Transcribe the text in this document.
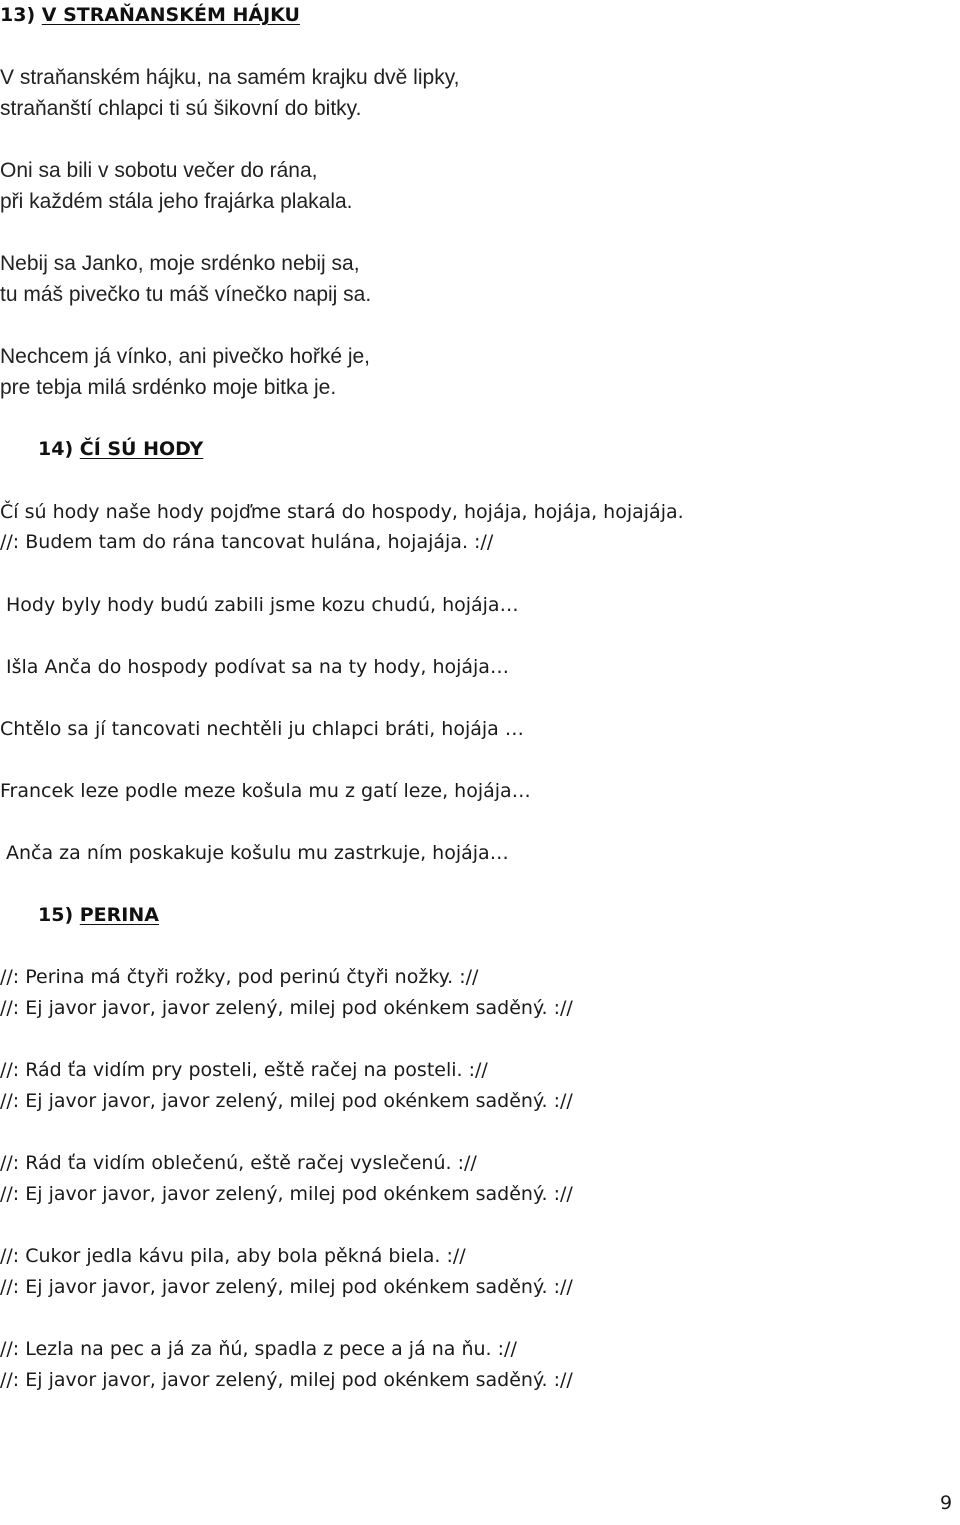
13) V STRAŇANSKÉM HÁJKU
V straňanském hájku, na samém krajku dvě lipky,
straňanští chlapci ti sú šikovní do bitky.
Oni sa bili v sobotu večer do rána,
při každém stála jeho frajárka plakala.
Nebij sa Janko, moje srdénko nebij sa,
tu máš pivečko tu máš vínečko napij sa.
Nechcem já vínko, ani pivečko hořké je,
pre tebja milá srdénko moje bitka je.
14) ČÍ SÚ HODY
Čí sú hody naše hody pojďme stará do hospody, hojája, hojája, hojajája.
//: Budem tam do rána tancovat hulána, hojajája. ://
Hody byly hody budú zabili jsme kozu chudú, hojája…
Išla Anča do hospody podívat sa na ty hody, hojája…
Chtělo sa jí tancovati nechtěli ju chlapci bráti, hojája …
Francek leze podle meze košula mu z gatí leze, hojája…
Anča za ním poskakuje košulu mu zastrkuje, hojája…
15) PERINA
//: Perina má čtyři rožky, pod perinú čtyři nožky. ://
//: Ej javor javor, javor zelený, milej pod okénkem saděný. ://
//: Rád ťa vidím pry posteli, eště račej na posteli. ://
//: Ej javor javor, javor zelený, milej pod okénkem saděný. ://
//: Rád ťa vidím oblečenú, eště račej vyslečenú. ://
//: Ej javor javor, javor zelený, milej pod okénkem saděný. ://
//: Cukor jedla kávu pila, aby bola pěkná biela. ://
//: Ej javor javor, javor zelený, milej pod okénkem saděný. ://
//: Lezla na pec a já za ňú, spadla z pece a já na ňu. ://
//: Ej javor javor, javor zelený, milej pod okénkem saděný. ://
9
